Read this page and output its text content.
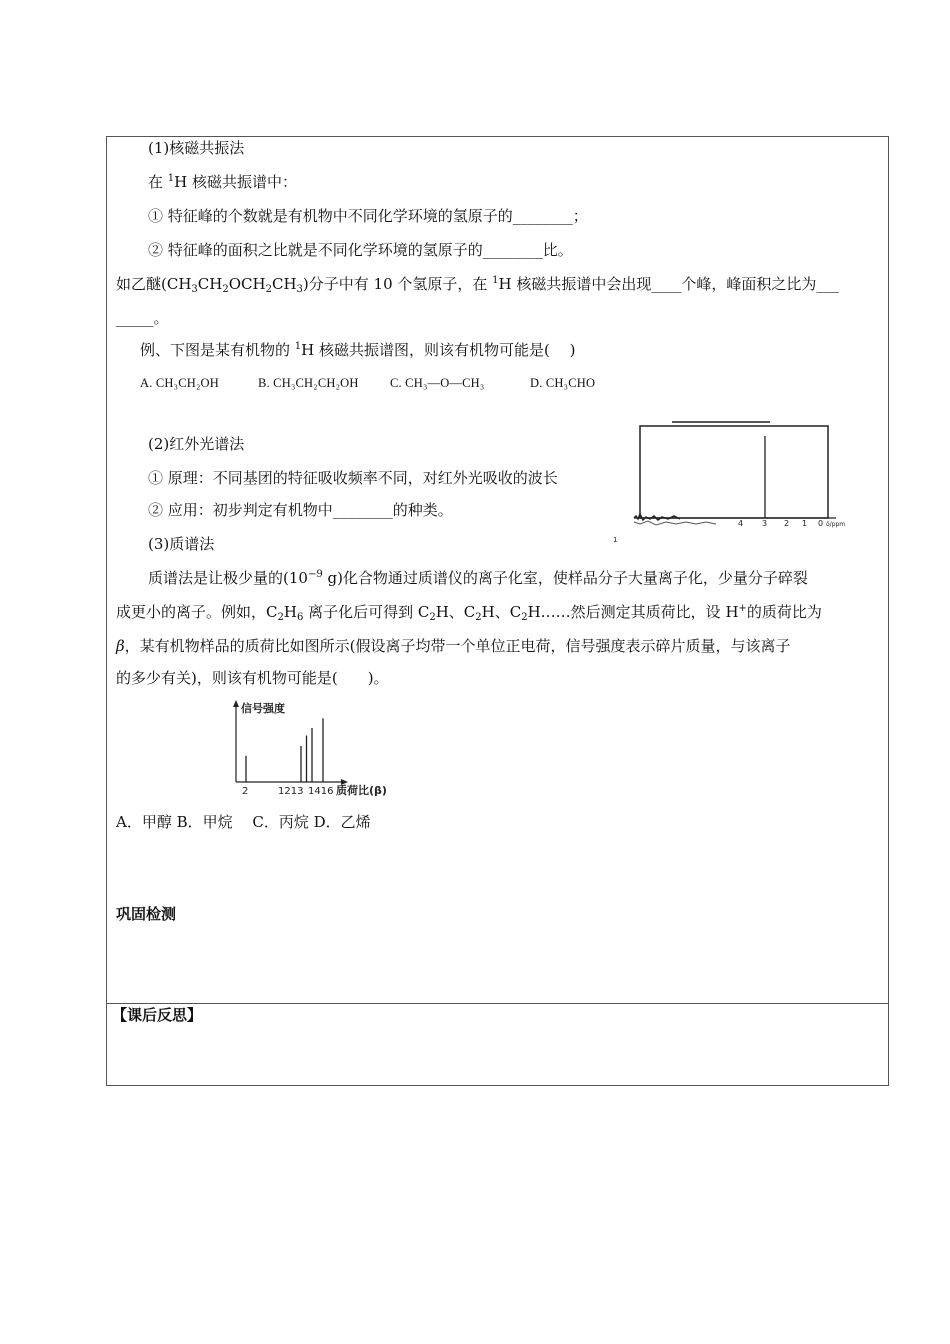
(1)核磁共振法
在 $^1$H 核磁共振谱中：
① 特征峰的个数就是有机物中不同化学环境的氢原子的________；
② 特征峰的面积之比就是不同化学环境的氢原子的________比。
如乙醚$(CH_3CH_2OCH_2CH_3)$分子中有 10 个氢原子，在 $^1$H 核磁共振谱中会出现____个峰，峰面积之比为___
_____。
例、下图是某有机物的 $^1$H 核磁共振谱图，则该有机物可能是(　 )
A. CH₃CH₂OH	B. CH₃CH₂CH₂OH	C. CH₃—O—CH₃	D. CH₃CHO
4 3 2 1 0 δ/ppm
1
(2)红外光谱法
① 原理：不同基团的特征吸收频率不同，对红外光吸收的波长
② 应用：初步判定有机物中________的种类。
(3)质谱法
质谱法是让极少量的($10^{-9}$ g)化合物通过质谱仪的离子化室，使样品分子大量离子化，少量分子碎裂
成更小的离子。例如，$C_2H_6$ 离子化后可得到 $C_2H$、$C_2H$、$C_2H\dots\dots$然后测定其质荷比，设 H+的质荷比为
β，某有机物样品的质荷比如图所示(假设离子均带一个单位正电荷，信号强度表示碎片质量，与该离子
的多少有关)，则该有机物可能是(　　)。
信号强度
质荷比(β)
2	1213 1416
A．甲醇 B．甲烷　 C．丙烷 D．乙烯
巩固检测
【课后反思】
